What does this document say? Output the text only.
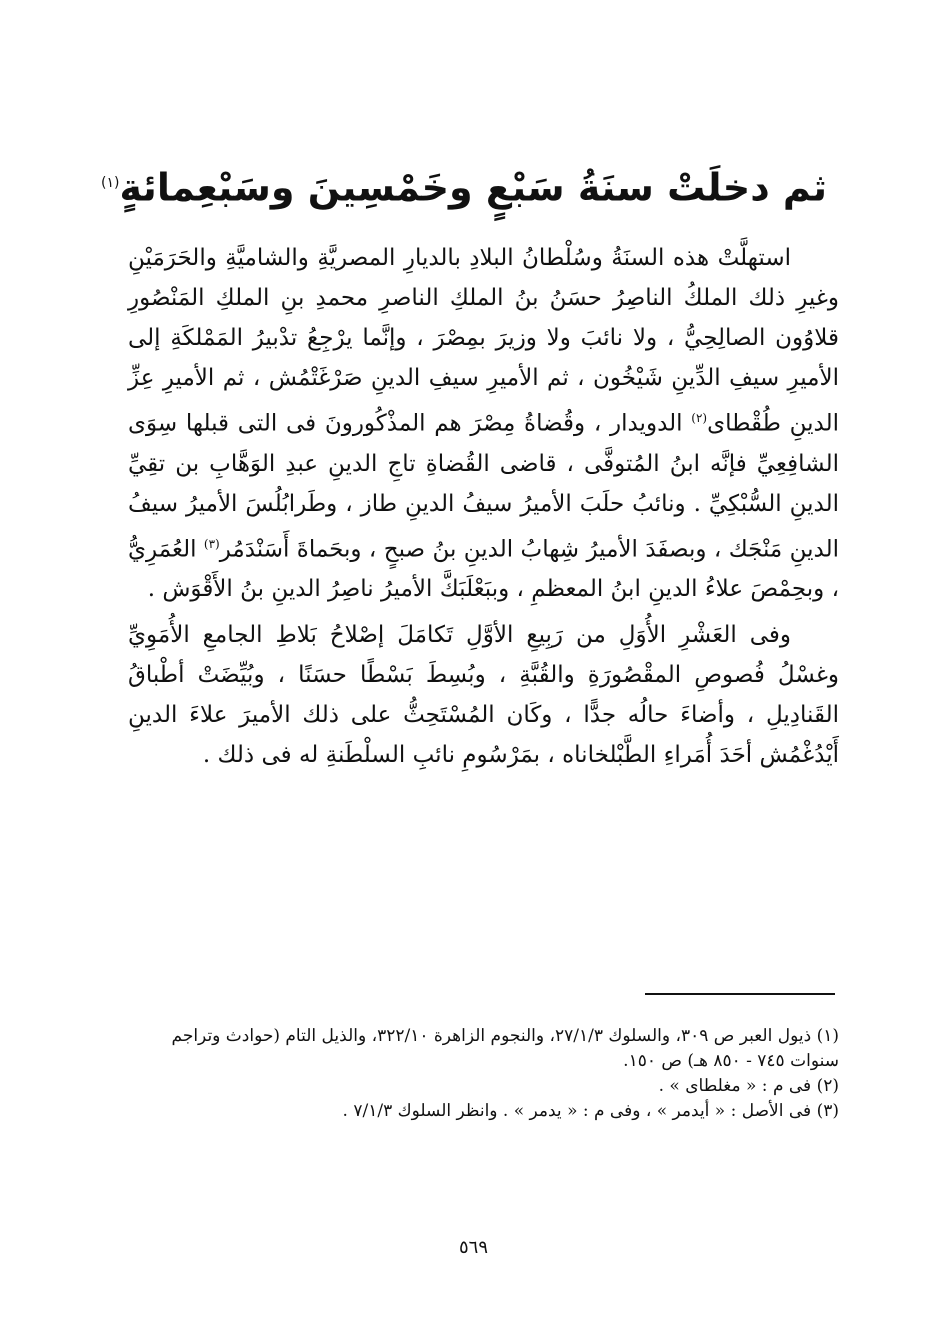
ثم دخلَتْ سنَةُ سَبْعٍ وخَمْسِينَ وسَبْعِمائةٍ$^{(١)}$

استهلَّتْ هذه السنَةُ وسُلْطانُ البلادِ بالديارِ المصريَّةِ والشاميَّةِ والحَرَمَيْنِ وغيرِ ذلك الملكُ الناصِرُ حسَنُ بنُ الملكِ الناصرِ محمدِ بنِ الملكِ المَنْصُورِ قلاوُون الصالِحِيُّ ، ولا نائبَ ولا وزيرَ بمِصْرَ ، وإنَّما يرْجِعُ تدْبيرُ المَمْلكَةِ إلى الأميرِ سيفِ الدِّينِ شَيْخُون ، ثم الأميرِ سيفِ الدينِ صَرْغَتْمُش ، ثم الأميرِ عِزِّ الدينِ طُقْطاى$^{(٢)}$ الدويدار ، وقُضاةُ مِصْرَ هم المذْكُورونَ فى التى قبلها سِوَى الشافِعِيِّ فإنَّه ابنُ المُتوفَّى ، قاضى القُضاةِ تاجِ الدينِ عبدِ الوَهَّابِ بن تقِيِّ الدينِ السُّبْكِيِّ . ونائبُ حلَبَ الأميرُ سيفُ الدينِ طاز ، وطَرابُلُسَ الأميرُ سيفُ الدينِ مَنْجَك ، وبصفَدَ الأميرُ شِهابُ الدينِ بنُ صبحٍ ، وبحَماةَ أَسَنْدَمُر$^{(٣)}$ العُمَرِيُّ ، وبحِمْصَ علاءُ الدينِ ابنُ المعظمِ ، وببَعْلَبَكَّ الأميرُ ناصِرُ الدينِ بنُ الأَقْوَش .

وفى العَشْرِ الأُوَلِ من رَبِيعِ الأوَّلِ تَكامَلَ إصْلاحُ بَلاطِ الجامعِ الأُمَوِيِّ وغسْلُ فُصوصِ المقْصُورَةِ والقُبَّةِ ، وبُسِطَ بَسْطًا حسَنًا ، وبُيِّضَتْ أطْباقُ القَنادِيلِ ، وأضاءَ حالُه جدًّا ، وكَان المُسْتَحِثُّ على ذلك الأميرَ علاءَ الدينِ أَيْدُغْمُش أحَدَ أُمَراءِ الطَّبْلخاناه ، بمَرْسُومِ نائبِ السلْطَنةِ له فى ذلك .

(١) ذيول العبر ص ٣٠٩، والسلوك ٢٧/١/٣، والنجوم الزاهرة ٣٢٢/١٠، والذيل التام (حوادث وتراجم سنوات ٧٤٥ - ٨٥٠ هـ) ص ١٥٠.

(٢) فى م : « مغلطاى » .

(٣) فى الأصل : « أيدمر » ، وفى م : « يدمر » . وانظر السلوك ٧/١/٣ .

٥٦٩
